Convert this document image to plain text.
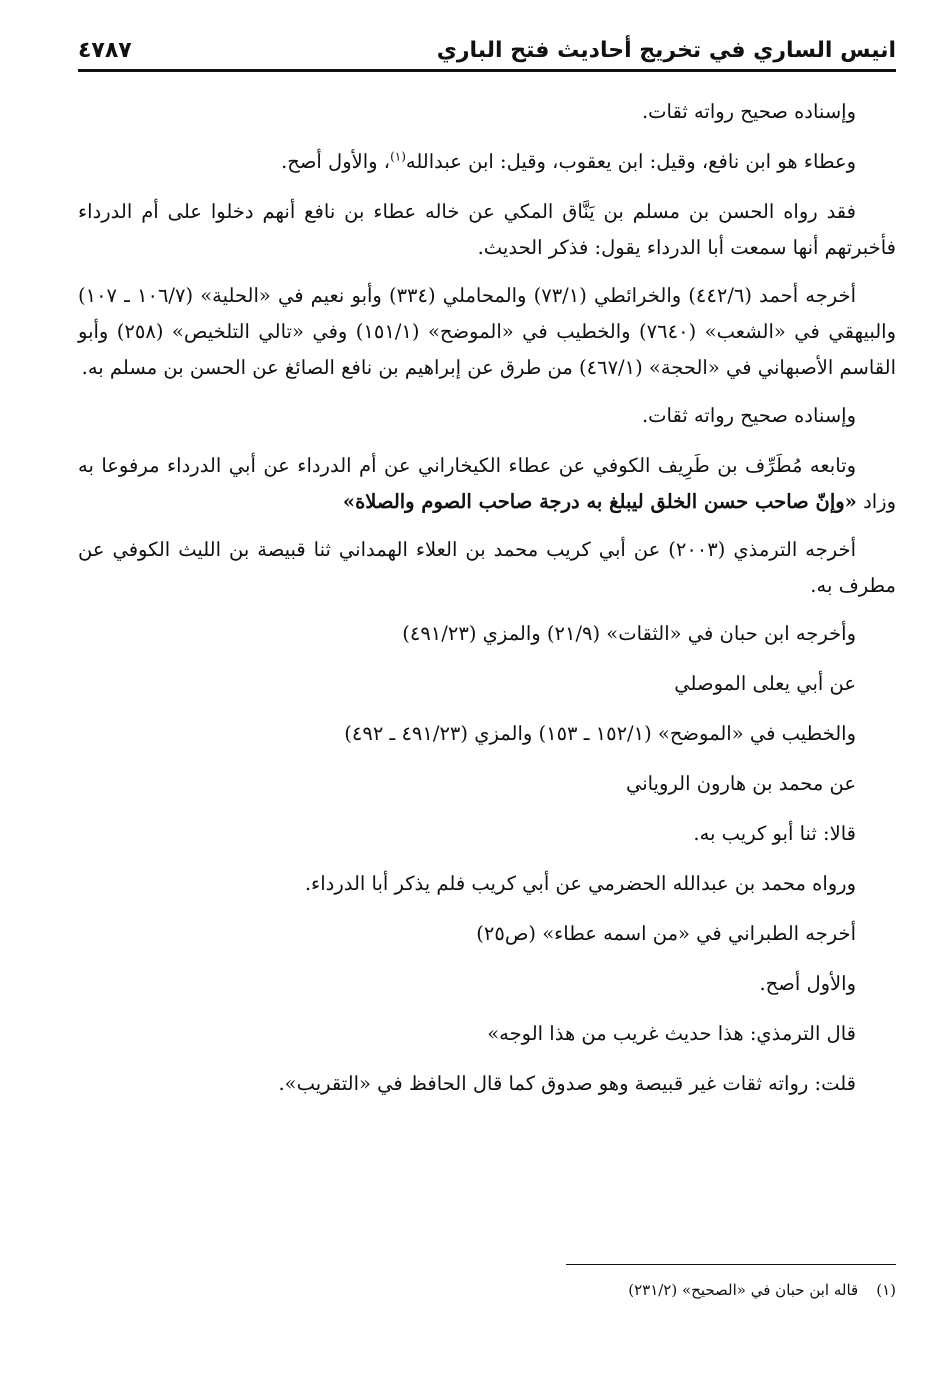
انيس الساري في تخريج أحاديث فتح الباري
٤٧٨٧

وإسناده صحيح رواته ثقات.

وعطاء هو ابن نافع، وقيل: ابن يعقوب، وقيل: ابن عبدالله$^{(١)}$، والأول أصح.

فقد رواه الحسن بن مسلم بن يَنَّاق المكي عن خاله عطاء بن نافع أنهم دخلوا على أم الدرداء فأخبرتهم أنها سمعت أبا الدرداء يقول: فذكر الحديث.

أخرجه أحمد (٤٤٢/٦) والخرائطي (٧٣/١) والمحاملي (٣٣٤) وأبو نعيم في «الحلية» (١٠٦/٧ ـ ١٠٧) والبيهقي في «الشعب» (٧٦٤٠) والخطيب في «الموضح» (١٥١/١) وفي «تالي التلخيص» (٢٥٨) وأبو القاسم الأصبهاني في «الحجة» (٤٦٧/١) من طرق عن إبراهيم بن نافع الصائغ عن الحسن بن مسلم به.

وإسناده صحيح رواته ثقات.

وتابعه مُطَرِّف بن طَرِيف الكوفي عن عطاء الكيخاراني عن أم الدرداء عن أبي الدرداء مرفوعا به وزاد «وإنّ صاحب حسن الخلق ليبلغ به درجة صاحب الصوم والصلاة»

أخرجه الترمذي (٢٠٠٣) عن أبي كريب محمد بن العلاء الهمداني ثنا قبيصة بن الليث الكوفي عن مطرف به.

وأخرجه ابن حبان في «الثقات» (٢١/٩) والمزي (٤٩١/٢٣)

عن أبي يعلى الموصلي

والخطيب في «الموضح» (١٥٢/١ ـ ١٥٣) والمزي (٤٩١/٢٣ ـ ٤٩٢)

عن محمد بن هارون الروياني

قالا: ثنا أبو كريب به.

ورواه محمد بن عبدالله الحضرمي عن أبي كريب فلم يذكر أبا الدرداء.

أخرجه الطبراني في «من اسمه عطاء» (ص٢٥)

والأول أصح.

قال الترمذي: هذا حديث غريب من هذا الوجه»

قلت: رواته ثقات غير قبيصة وهو صدوق كما قال الحافظ في «التقريب».

(١)قاله ابن حبان في «الصحيح» (٢٣١/٢)
